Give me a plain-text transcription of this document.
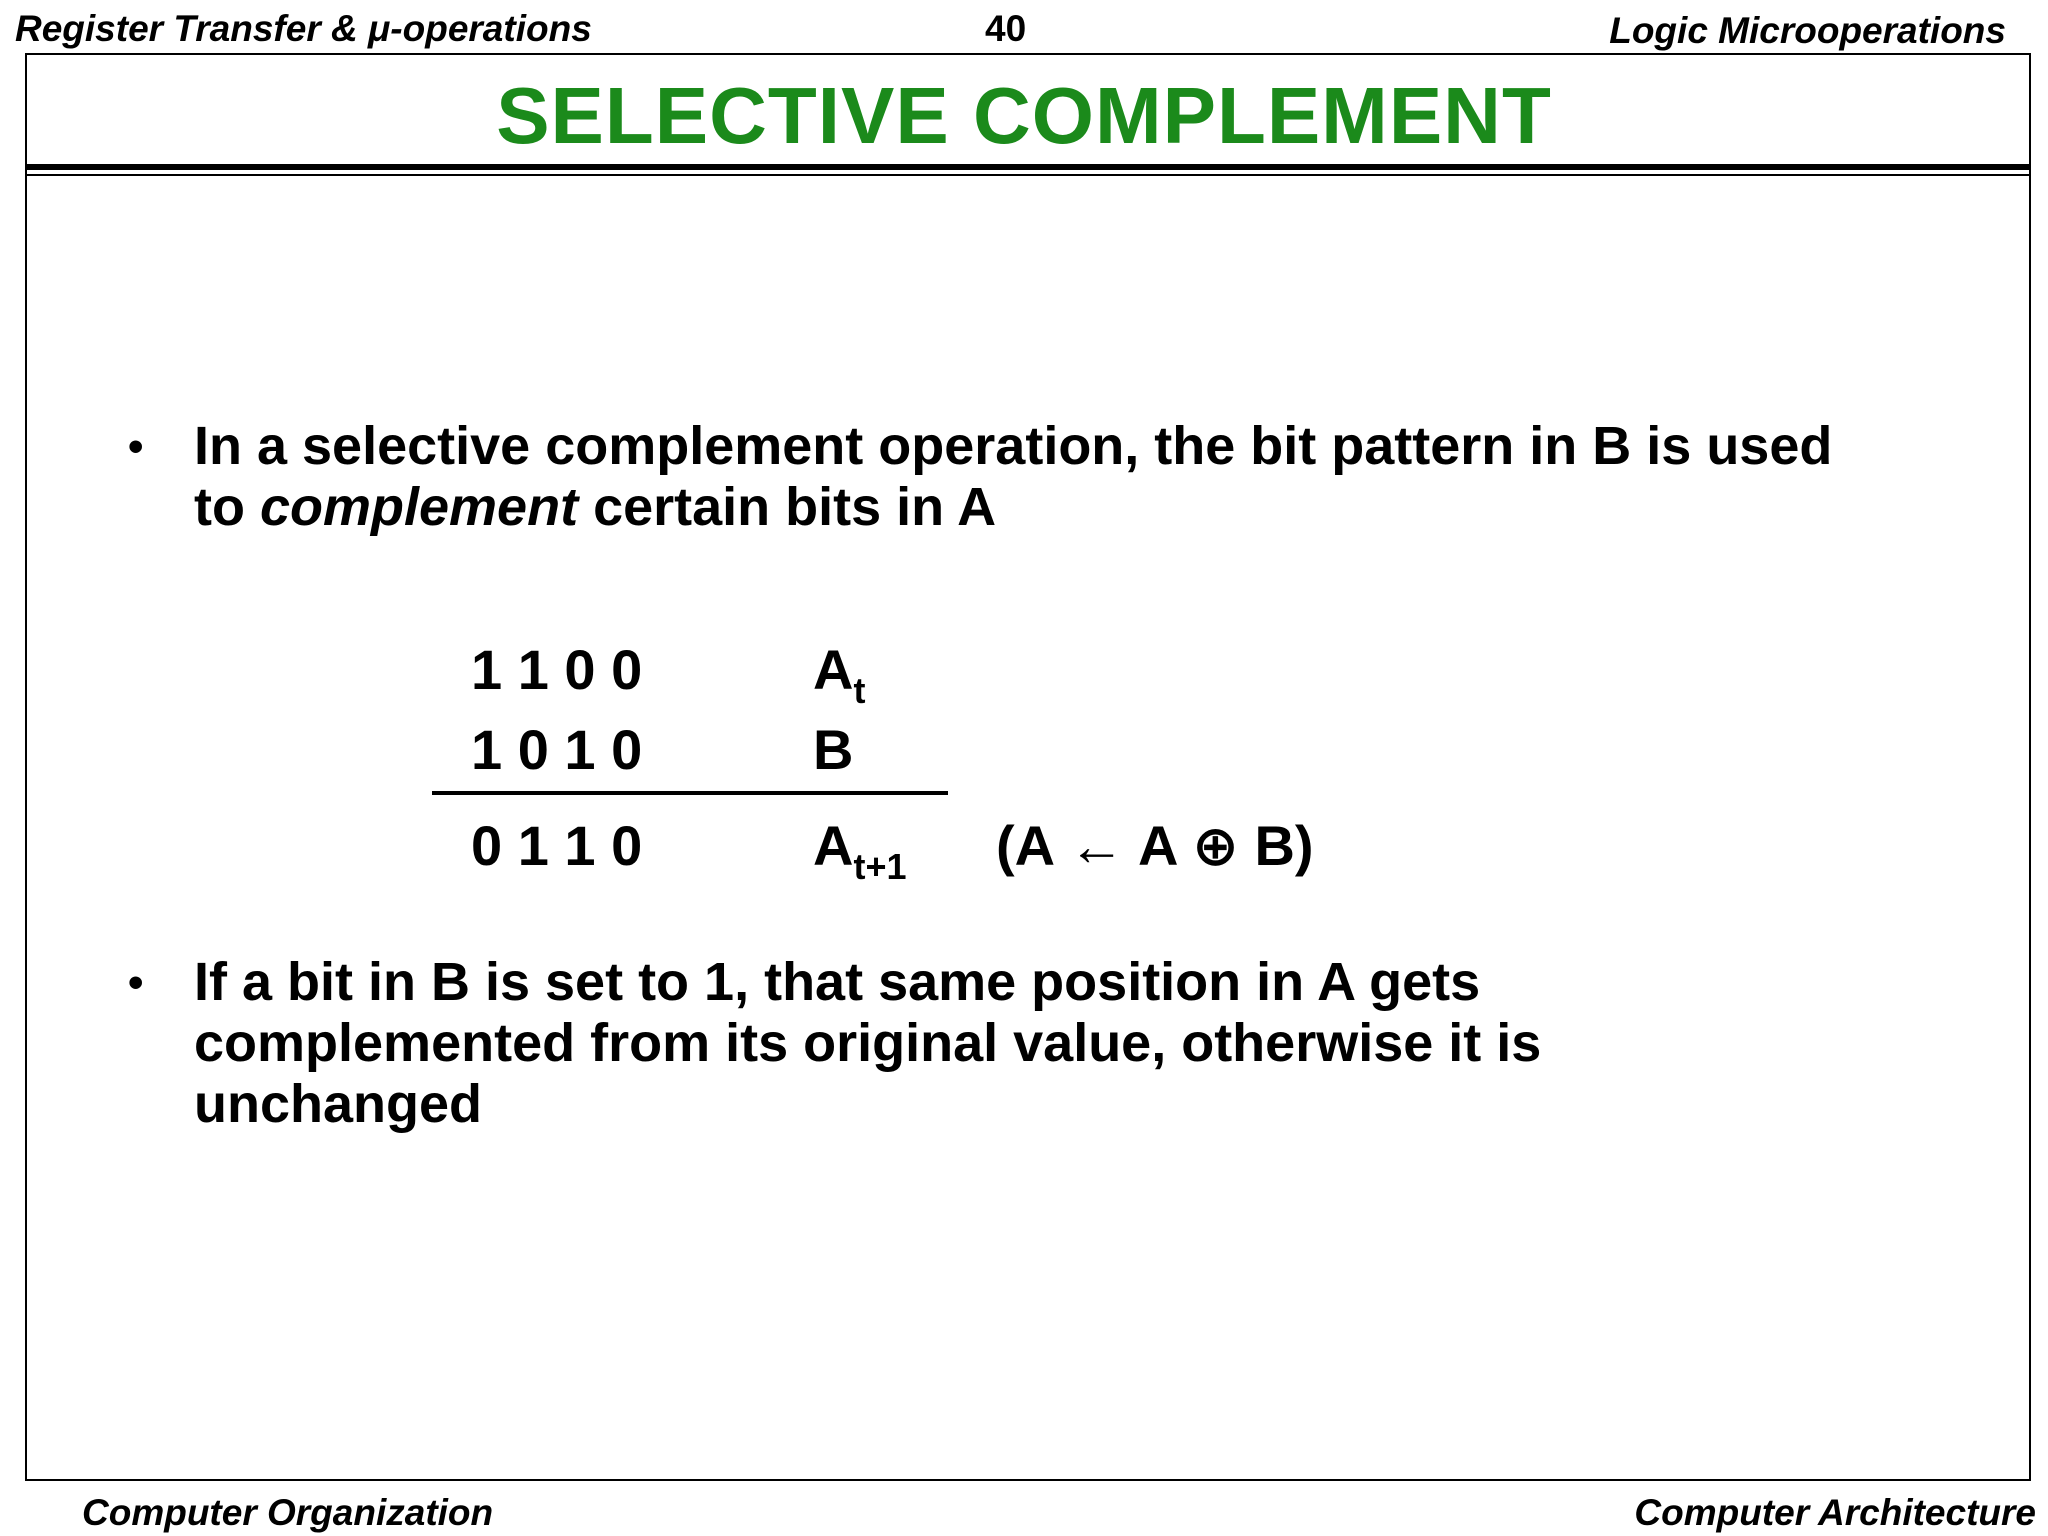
Register Transfer & μ-operations	40	Logic Microoperations
SELECTIVE COMPLEMENT
• In a selective complement operation, the bit pattern in B is used to complement certain bits in A
1 1 0 0	$A_t$
1 0 1 0	B
0 1 1 0	$A_{t+1}$ (A ← A ⊕ B)
• If a bit in B is set to 1, that same position in A gets complemented from its original value, otherwise it is unchanged
Computer Organization	Computer Architecture
